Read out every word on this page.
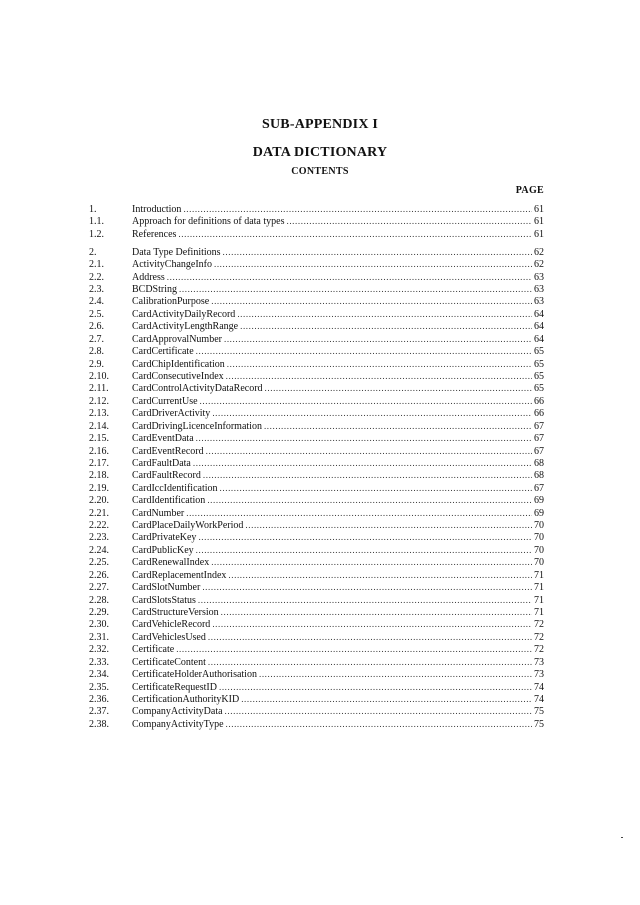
SUB-APPENDIX I
DATA DICTIONARY
CONTENTS
PAGE
1.	Introduction .....	61
1.1.	Approach for definitions of data types .....	61
1.2.	References .....	61
2.	Data Type Definitions .....	62
2.1.	ActivityChangeInfo .....	62
2.2.	Address .....	63
2.3.	BCDString .....	63
2.4.	CalibrationPurpose .....	63
2.5.	CardActivityDailyRecord .....	64
2.6.	CardActivityLengthRange .....	64
2.7.	CardApprovalNumber .....	64
2.8.	CardCertificate .....	65
2.9.	CardChipIdentification .....	65
2.10.	CardConsecutiveIndex .....	65
2.11.	CardControlActivityDataRecord .....	65
2.12.	CardCurrentUse .....	66
2.13.	CardDriverActivity .....	66
2.14.	CardDrivingLicenceInformation .....	67
2.15.	CardEventData .....	67
2.16.	CardEventRecord .....	67
2.17.	CardFaultData .....	68
2.18.	CardFaultRecord .....	68
2.19.	CardIccIdentification .....	67
2.20.	CardIdentification .....	69
2.21.	CardNumber .....	69
2.22.	CardPlaceDailyWorkPeriod .....	70
2.23.	CardPrivateKey .....	70
2.24.	CardPublicKey .....	70
2.25.	CardRenewalIndex .....	70
2.26.	CardReplacementIndex .....	71
2.27.	CardSlotNumber .....	71
2.28.	CardSlotsStatus .....	71
2.29.	CardStructureVersion .....	71
2.30.	CardVehicleRecord .....	72
2.31.	CardVehiclesUsed .....	72
2.32.	Certificate .....	72
2.33.	CertificateContent .....	73
2.34.	CertificateHolderAuthorisation .....	73
2.35.	CertificateRequestID .....	74
2.36.	CertificationAuthorityKID .....	74
2.37.	CompanyActivityData .....	75
2.38.	CompanyActivityType .....	75
